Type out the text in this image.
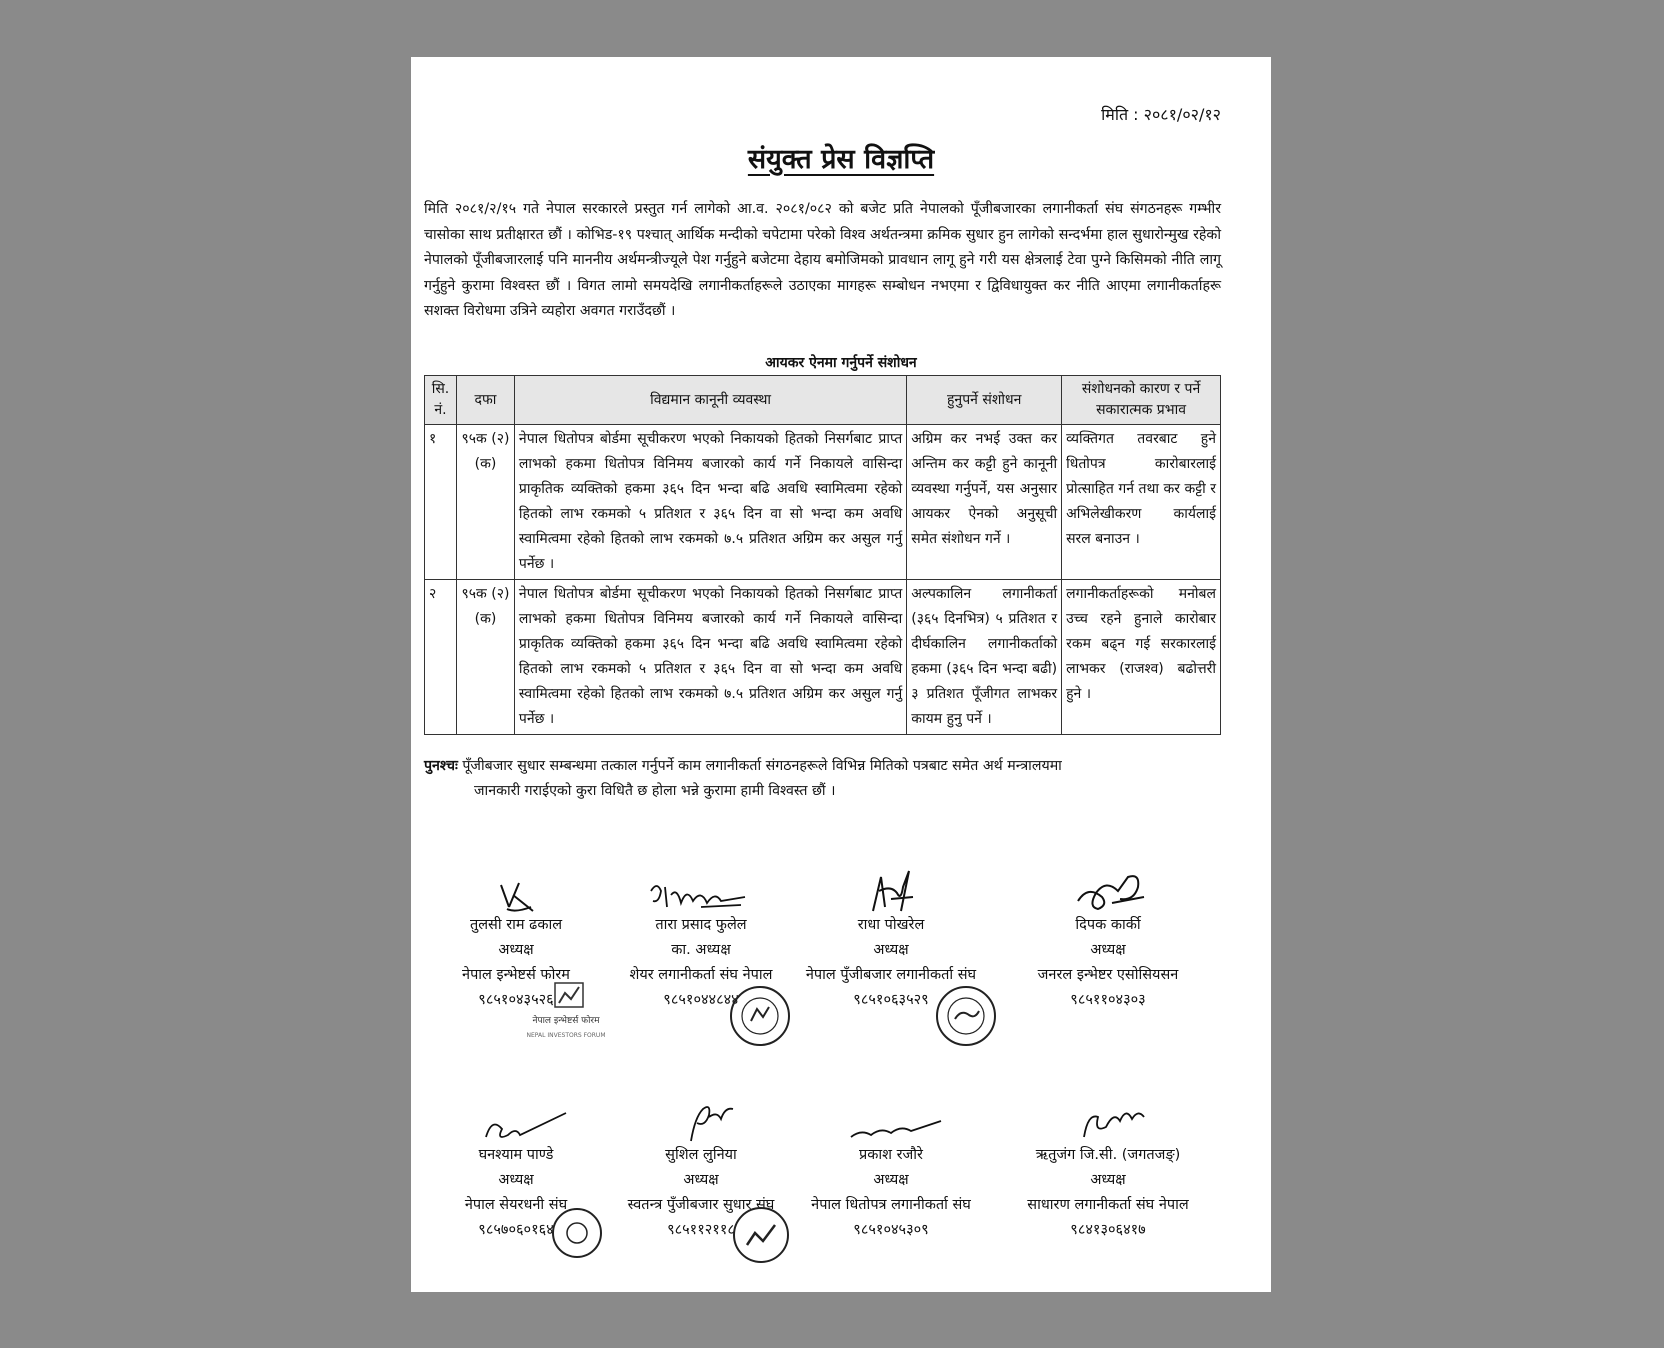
मिति : २०८१/०२/१२
संयुक्त प्रेस विज्ञप्ति
मिति २०८१/२/१५ गते नेपाल सरकारले प्रस्तुत गर्न लागेको आ.व. २०८१/०८२ को बजेट प्रति नेपालको पूँजीबजारका लगानीकर्ता संघ संगठनहरू गम्भीर चासोका साथ प्रतीक्षारत छौं । कोभिड-१९ पश्चात् आर्थिक मन्दीको चपेटामा परेको विश्व अर्थतन्त्रमा क्रमिक सुधार हुन लागेको सन्दर्भमा हाल सुधारोन्मुख रहेको नेपालको पूँजीबजारलाई पनि माननीय अर्थमन्त्रीज्यूले पेश गर्नुहुने बजेटमा देहाय बमोजिमको प्रावधान लागू हुने गरी यस क्षेत्रलाई टेवा पुग्ने किसिमको नीति लागू गर्नुहुने कुरामा विश्वस्त छौं । विगत लामो समयदेखि लगानीकर्ताहरूले उठाएका मागहरू सम्बोधन नभएमा र द्विविधायुक्त कर नीति आएमा लगानीकर्ताहरू सशक्त विरोधमा उत्रिने व्यहोरा अवगत गराउँदछौं ।
आयकर ऐनमा गर्नुपर्ने संशोधन
सि. नं.	दफा	विद्यमान कानूनी व्यवस्था	हुनुपर्ने संशोधन	संशोधनको कारण र पर्ने सकारात्मक प्रभाव
१	९५क (२)(क)	नेपाल धितोपत्र बोर्डमा सूचीकरण भएको निकायको हितको निसर्गबाट प्राप्त लाभको हकमा धितोपत्र विनिमय बजारको कार्य गर्ने निकायले वासिन्दा प्राकृतिक व्यक्तिको हकमा ३६५ दिन भन्दा बढि अवधि स्वामित्वमा रहेको हितको लाभ रकमको ५ प्रतिशत र ३६५ दिन वा सो भन्दा कम अवधि स्वामित्वमा रहेको हितको लाभ रकमको ७.५ प्रतिशत अग्रिम कर असुल गर्नु पर्नेछ ।	अग्रिम कर नभई उक्त कर अन्तिम कर कट्टी हुने कानूनी व्यवस्था गर्नुपर्ने, यस अनुसार आयकर ऐनको अनुसूची समेत संशोधन गर्ने ।	व्यक्तिगत तवरबाट हुने धितोपत्र कारोबारलाई प्रोत्साहित गर्न तथा कर कट्टी र अभिलेखीकरण कार्यलाई सरल बनाउन ।
२	९५क (२)(क)	नेपाल धितोपत्र बोर्डमा सूचीकरण भएको निकायको हितको निसर्गबाट प्राप्त लाभको हकमा धितोपत्र विनिमय बजारको कार्य गर्ने निकायले वासिन्दा प्राकृतिक व्यक्तिको हकमा ३६५ दिन भन्दा बढि अवधि स्वामित्वमा रहेको हितको लाभ रकमको ५ प्रतिशत र ३६५ दिन वा सो भन्दा कम अवधि स्वामित्वमा रहेको हितको लाभ रकमको ७.५ प्रतिशत अग्रिम कर असुल गर्नु पर्नेछ ।	अल्पकालिन लगानीकर्ता (३६५ दिनभित्र) ५ प्रतिशत र दीर्घकालिन लगानीकर्ताको हकमा (३६५ दिन भन्दा बढी) ३ प्रतिशत पूँजीगत लाभकर कायम हुनु पर्ने ।	लगानीकर्ताहरूको मनोबल उच्च रहने हुनाले कारोबार रकम बढ्न गई सरकारलाई लाभकर (राजश्व) बढोत्तरी हुने ।
पुनश्चः पूँजीबजार सुधार सम्बन्धमा तत्काल गर्नुपर्ने काम लगानीकर्ता संगठनहरूले विभिन्न मितिको पत्रबाट समेत अर्थ मन्त्रालयमा
जानकारी गराईएको कुरा विधितै छ होला भन्ने कुरामा हामी विश्वस्त छौं ।
तुलसी राम ढकाल
अध्यक्ष
नेपाल इन्भेष्टर्स फोरम
९८५१०४३५२६
तारा प्रसाद फुलेल
का. अध्यक्ष
शेयर लगानीकर्ता संघ नेपाल
९८५१०४४८४४
राधा पोखरेल
अध्यक्ष
नेपाल पुँजीबजार लगानीकर्ता संघ
९८५१०६३५२९
दिपक कार्की
अध्यक्ष
जनरल इन्भेष्टर एसोसियसन
९८५११०४३०३
नेपाल इन्भेष्टर्स फोरम
NEPAL INVESTORS FORUM
घनश्याम पाण्डे
अध्यक्ष
नेपाल सेयरधनी संघ
९८५७०६०१६४
सुशिल लुनिया
अध्यक्ष
स्वतन्त्र पुँजीबजार सुधार संघ
९८५११२११८
प्रकाश रजौरे
अध्यक्ष
नेपाल धितोपत्र लगानीकर्ता संघ
९८५१०४५३०९
ऋतुजंग जि.सी. (जगतजङ्)
अध्यक्ष
साधारण लगानीकर्ता संघ नेपाल
९८४१३०६४१७
